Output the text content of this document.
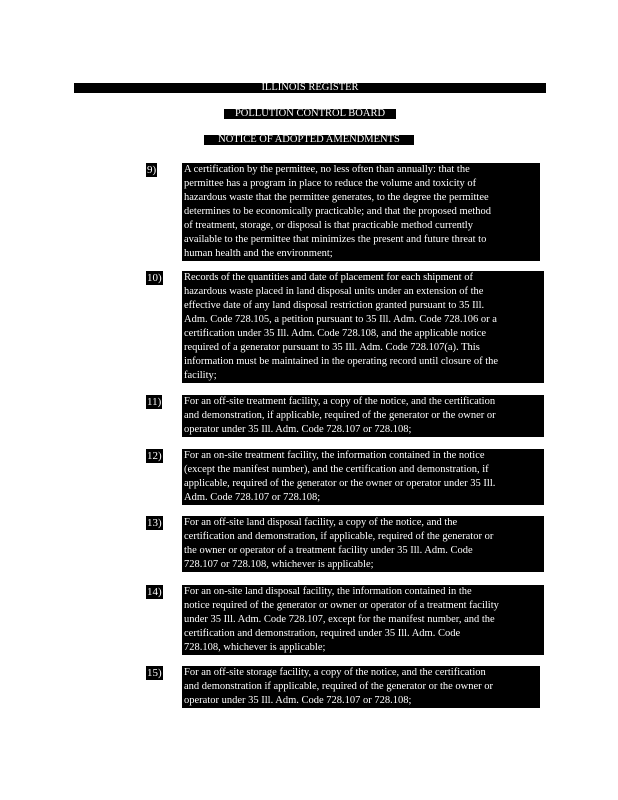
ILLINOIS REGISTER
POLLUTION CONTROL BOARD
NOTICE OF ADOPTED AMENDMENTS
9)	A certification by the permittee, no less often than annually: that the
permittee has a program in place to reduce the volume and toxicity of
hazardous waste that the permittee generates, to the degree the permittee
determines to be economically practicable; and that the proposed method
of treatment, storage, or disposal is that practicable method currently
available to the permittee that minimizes the present and future threat to
human health and the environment;
10) Records of the quantities and date of placement for each shipment of
hazardous waste placed in land disposal units under an extension of the
effective date of any land disposal restriction granted pursuant to 35 Ill.
Adm. Code 728.105, a petition pursuant to 35 Ill. Adm. Code 728.106 or a
certification under 35 Ill. Adm. Code 728.108, and the applicable notice
required of a generator pursuant to 35 Ill. Adm. Code 728.107(a). This
information must be maintained in the operating record until closure of the
facility;
11) For an off-site treatment facility, a copy of the notice, and the certification
and demonstration, if applicable, required of the generator or the owner or
operator under 35 Ill. Adm. Code 728.107 or 728.108;
12) For an on-site treatment facility, the information contained in the notice
(except the manifest number), and the certification and demonstration, if
applicable, required of the generator or the owner or operator under 35 Ill.
Adm. Code 728.107 or 728.108;
13) For an off-site land disposal facility, a copy of the notice, and the
certification and demonstration, if applicable, required of the generator or
the owner or operator of a treatment facility under 35 Ill. Adm. Code
728.107 or 728.108, whichever is applicable;
14) For an on-site land disposal facility, the information contained in the
notice required of the generator or owner or operator of a treatment facility
under 35 Ill. Adm. Code 728.107, except for the manifest number, and the
certification and demonstration, required under 35 Ill. Adm. Code
728.108, whichever is applicable;
15) For an off-site storage facility, a copy of the notice, and the certification
and demonstration if applicable, required of the generator or the owner or
operator under 35 Ill. Adm. Code 728.107 or 728.108;
